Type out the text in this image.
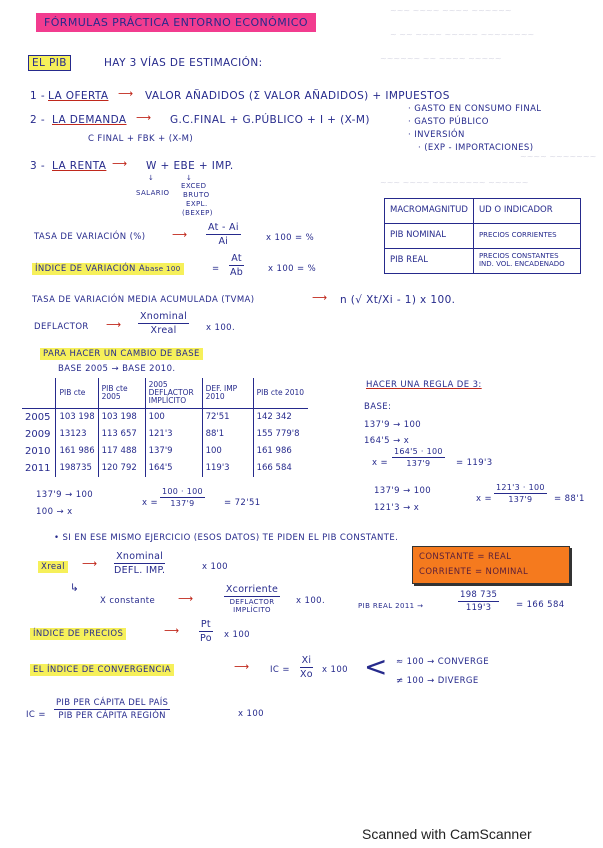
~~~ ~~~~ ~~~~ ~~~~~~
~ ~~ ~~~~ ~~~~~ ~~~~~~~~
~~~~~~ ~~ ~~~~ ~~~~~
~~~~ ~~~~~~~
~~~ ~~~~ ~~~~~~~~ ~~~~~~
FÓRMULAS PRÁCTICA ENTORNO ECONÓMICO
EL PIB	HAY 3 VÍAS DE ESTIMACIÓN:
1 - LA OFERTA ⟶ VALOR AÑADIDOS (Σ VALOR AÑADIDOS) + IMPUESTOS
· GASTO EN CONSUMO FINAL
· GASTO PÚBLICO
· INVERSIÓN
· (EXP - IMPORTACIONES)
2 - LA DEMANDA ⟶ G.C.FINAL + G.PÚBLICO + I + (X-M)
C FINAL + FBK + (X-M)
3 - LA RENTA ⟶ W + EBE + IMP.
↓
SALARIO
↓
EXCED
BRUTO
EXPL.
(BEXEP)	MACROMAGNITUD	UD O INDICADOR
PIB NOMINAL	PRECIOS CORRIENTES
PIB REAL	PRECIOS CONSTANTES IND. VOL. ENCADENADO
TASA DE VARIACIÓN (%)	⟶ $\frac{At - Ai}{Ai}$	x 100 = %
ÍNDICE DE VARIACIÓN Abase 100	= $\frac{At}{Ab}$	x 100 = %
TASA DE VARIACIÓN MEDIA ACUMULADA (TVMA)	⟶ n (√ Xt/Xi - 1) x 100.
DEFLACTOR ⟶
Xnominal
Xreal	x 100.
PARA HACER UN CAMBIO DE BASE
BASE 2005 → BASE 2010.
	PIB cte	PIB cte 2005	2005 DEFLACTOR IMPLÍCITO	DEF. IMP 2010	PIB cte 2010
2005	103 198	103 198	100	72'51	142 342
2009	13123	113 657	121'3	88'1	155 779'8
2010	161 986	117 488	137'9	100	161 986
2011	198735	120 792	164'5	119'3	166 584
HACER UNA REGLA DE 3:
BASE:
137'9 → 100
164'5 → x
$x = \frac{164'5 \cdot 100}{137'9} = 119'3$
137'9 → 100
100 → x
$x = \frac{100 \cdot 100}{137'9} = 72'51$
137'9 → 100
121'3 → x
$x = \frac{121'3 \cdot 100}{137'9} = 88'1$
• SI EN ESE MISMO EJERCICIO (ESOS DATOS) TE PIDEN EL PIB CONSTANTE.
Xreal ⟶
Xnominal
DEFL. IMP.	x 100
CONSTANTE = REAL
CORRIENTE = NOMINAL
↳
X constante ⟶
Xcorriente
DEFLACTOR IMPLÍCITO
x 100.	PIB REAL 2011 →	$\frac{198 735}{119'3} = 166$ 584
ÍNDICE DE PRECIOS	⟶ $\frac{Pt}{Po}$ x 100
EL ÍNDICE DE CONVERGENCIA	⟶ IC = $\frac{Xi}{Xo}$ x 100 < ≈ 100 → CONVERGE
≠ 100 → DIVERGE
IC =
PIB PER CÁPITA DEL PAÍS
PIB PER CÁPITA REGIÓN	x 100
Scanned with CamScanner
